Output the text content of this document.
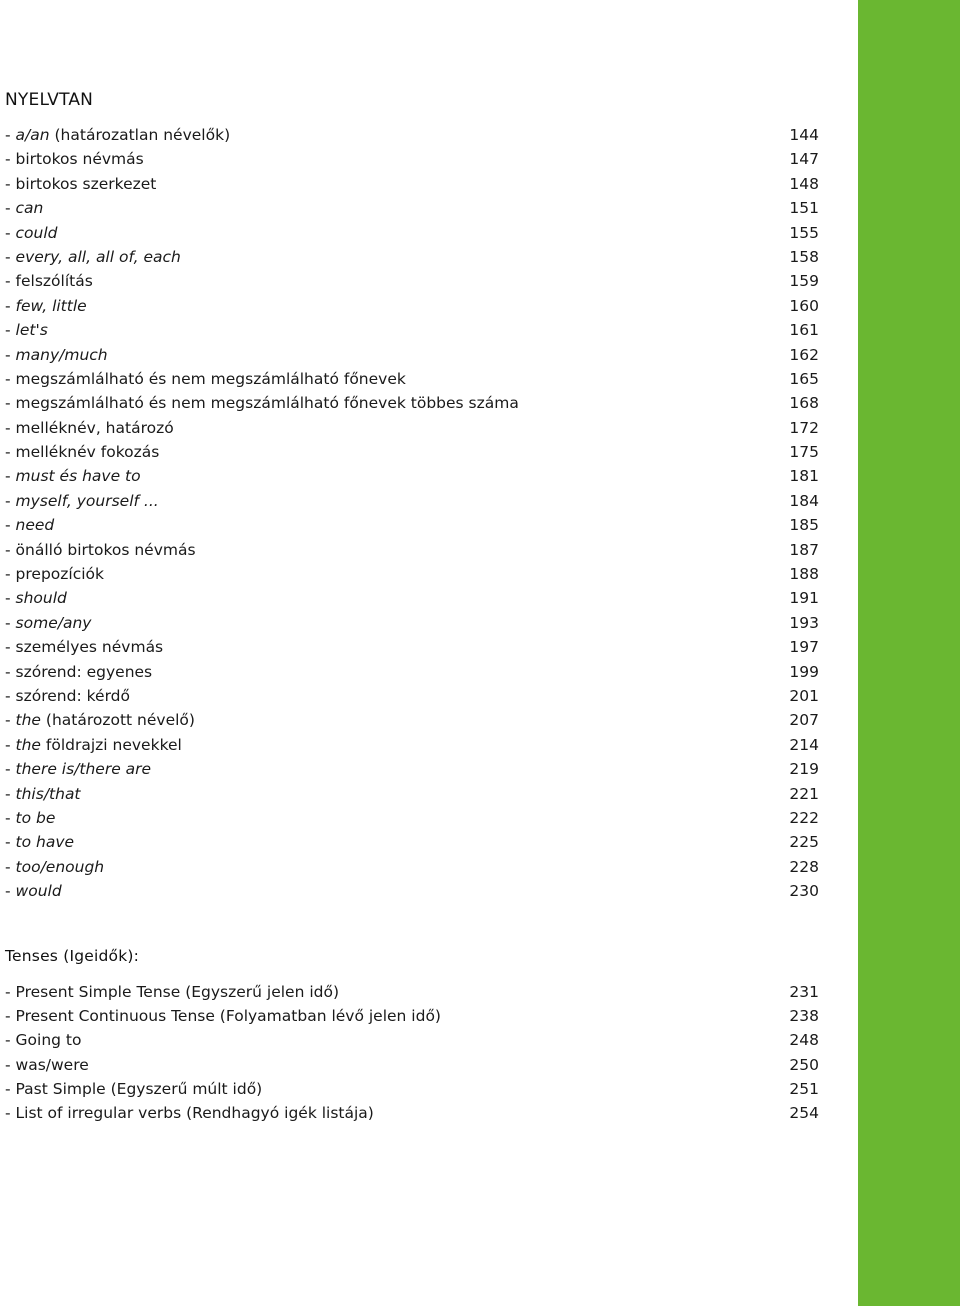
NYELVTAN
- a/an (határozatlan névelők)	144
- birtokos névmás	147
- birtokos szerkezet	148
- can	151
- could	155
- every, all, all of, each	158
- felszólítás	159
- few, little	160
- let's	161
- many/much	162
- megszámlálható és nem megszámlálható főnevek	165
- megszámlálható és nem megszámlálható főnevek többes száma	168
- melléknév, határozó	172
- melléknév fokozás	175
- must és have to	181
- myself, yourself ...	184
- need	185
- önálló birtokos névmás	187
- prepozíciók	188
- should	191
- some/any	193
- személyes névmás	197
- szórend: egyenes	199
- szórend: kérdő	201
- the (határozott névelő)	207
- the földrajzi nevekkel	214
- there is/there are	219
- this/that	221
- to be	222
- to have	225
- too/enough	228
- would	230
Tenses (Igeidők):
- Present Simple Tense (Egyszerű jelen idő)	231
- Present Continuous Tense (Folyamatban lévő jelen idő)	238
- Going to	248
- was/were	250
- Past Simple (Egyszerű múlt idő)	251
- List of irregular verbs (Rendhagyó igék listája)	254
